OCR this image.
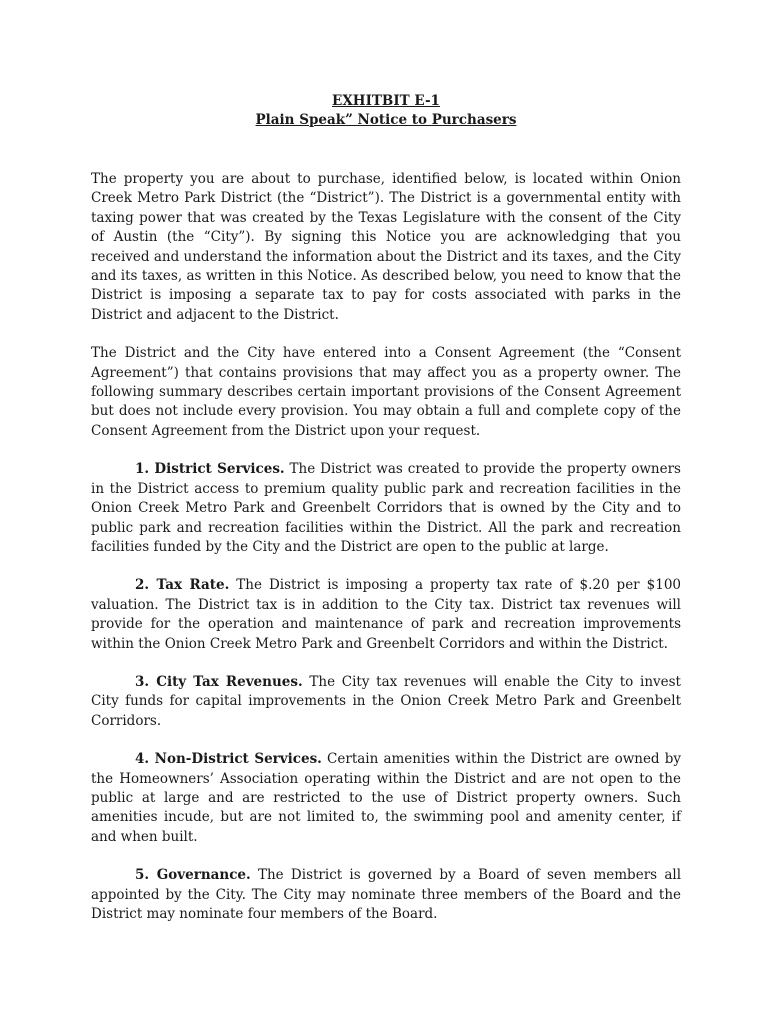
EXHITBIT E-1
Plain Speak” Notice to Purchasers

The property you are about to purchase, identified below, is located within Onion Creek Metro Park District (the “District”). The District is a governmental entity with taxing power that was created by the Texas Legislature with the consent of the City of Austin (the “City”). By signing this Notice you are acknowledging that you received and understand the information about the District and its taxes, and the City and its taxes, as written in this Notice. As described below, you need to know that the District is imposing a separate tax to pay for costs associated with parks in the District and adjacent to the District.

The District and the City have entered into a Consent Agreement (the “Consent Agreement”) that contains provisions that may affect you as a property owner. The following summary describes certain important provisions of the Consent Agreement but does not include every provision. You may obtain a full and complete copy of the Consent Agreement from the District upon your request.

1. District Services. The District was created to provide the property owners in the District access to premium quality public park and recreation facilities in the Onion Creek Metro Park and Greenbelt Corridors that is owned by the City and to public park and recreation facilities within the District. All the park and recreation facilities funded by the City and the District are open to the public at large.

2. Tax Rate. The District is imposing a property tax rate of $.20 per $100 valuation. The District tax is in addition to the City tax. District tax revenues will provide for the operation and maintenance of park and recreation improvements within the Onion Creek Metro Park and Greenbelt Corridors and within the District.

3. City Tax Revenues. The City tax revenues will enable the City to invest City funds for capital improvements in the Onion Creek Metro Park and Greenbelt Corridors.

4. Non-District Services. Certain amenities within the District are owned by the Homeowners’ Association operating within the District and are not open to the public at large and are restricted to the use of District property owners. Such amenities incude, but are not limited to, the swimming pool and amenity center, if and when built.

5. Governance. The District is governed by a Board of seven members all appointed by the City. The City may nominate three members of the Board and the District may nominate four members of the Board.
